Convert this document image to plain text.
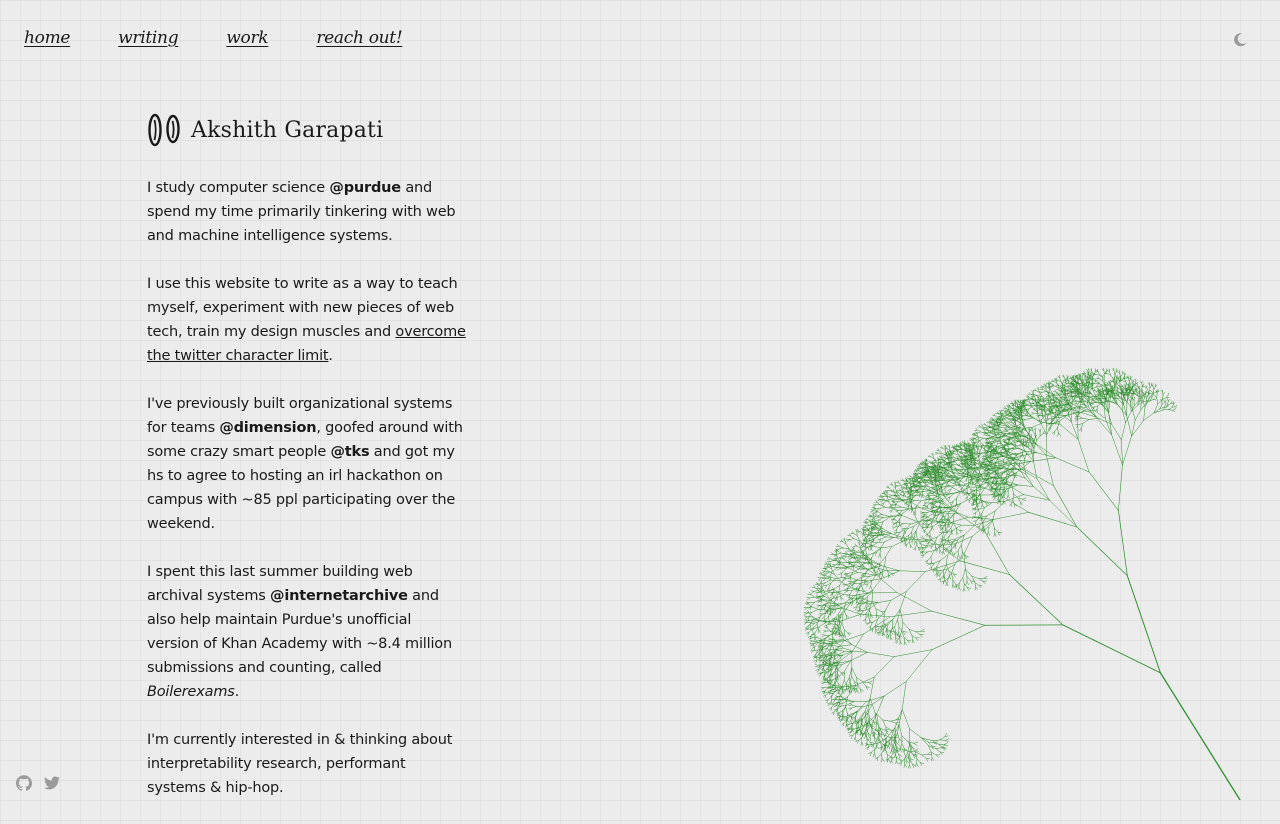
home	writing	work	reach out!
Akshith Garapati

I study computer science @purdue and spend my time primarily tinkering with web and machine intelligence systems.

I use this website to write as a way to teach myself, experiment with new pieces of web tech, train my design muscles and overcome the twitter character limit.

I've previously built organizational systems for teams @dimension, goofed around with some crazy smart people @tks and got my hs to agree to hosting an irl hackathon on campus with ~85 ppl participating over the weekend.

I spent this last summer building web archival systems @internetarchive and also help maintain Purdue's unofficial version of Khan Academy with ~8.4 million submissions and counting, called Boilerexams.

I'm currently interested in & thinking about interpretability research, performant systems & hip-hop.
